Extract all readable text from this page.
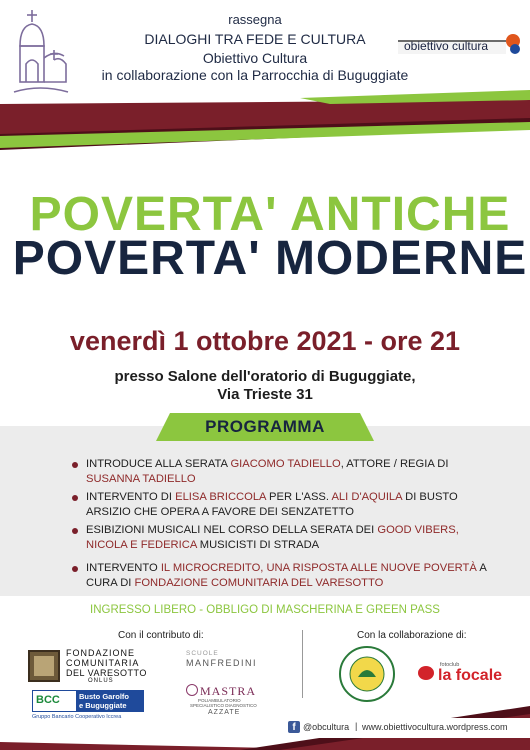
rassegna
DIALOGHI TRA FEDE E CULTURA
Obiettivo Cultura
in collaborazione con la Parrocchia di Buguggiate
obiettivo cultura
POVERTA' ANTICHE
POVERTA' MODERNE
venerdì 1 ottobre 2021 - ore 21
presso Salone dell'oratorio di Buguggiate,
Via Trieste 31
PROGRAMMA
INTRODUCE ALLA SERATA GIACOMO TADIELLO, ATTORE / REGIA DI SUSANNA TADIELLO
INTERVENTO DI ELISA BRICCOLA PER L'ASS. ALI D'AQUILA DI BUSTO ARSIZIO CHE OPERA A FAVORE DEI SENZATETTO
ESIBIZIONI MUSICALI NEL CORSO DELLA SERATA DEI GOOD VIBERS, NICOLA E FEDERICA MUSICISTI DI STRADA
INTERVENTO IL MICROCREDITO, UNA RISPOSTA ALLE NUOVE POVERTÀ A CURA DI FONDAZIONE COMUNITARIA DEL VARESOTTO
INGRESSO LIBERO - OBBLIGO DI MASCHERINA E GREEN PASS
Con il contributo di:	Con la collaborazione di:
FONDAZIONE
COMUNITARIA
DEL VARESOTTO
ONLUS
BCC	Busto Garolfo
e Buguggiate
Gruppo Bancario Cooperativo Iccrea
SCUOLE
MANFREDINI
MASTRA
POLIAMBULATORIO
SPECIALISTICO DIAGNOSTICO
AZZATE
fotoclub
la focale
f @obcultura | www.obiettivocultura.wordpress.com
